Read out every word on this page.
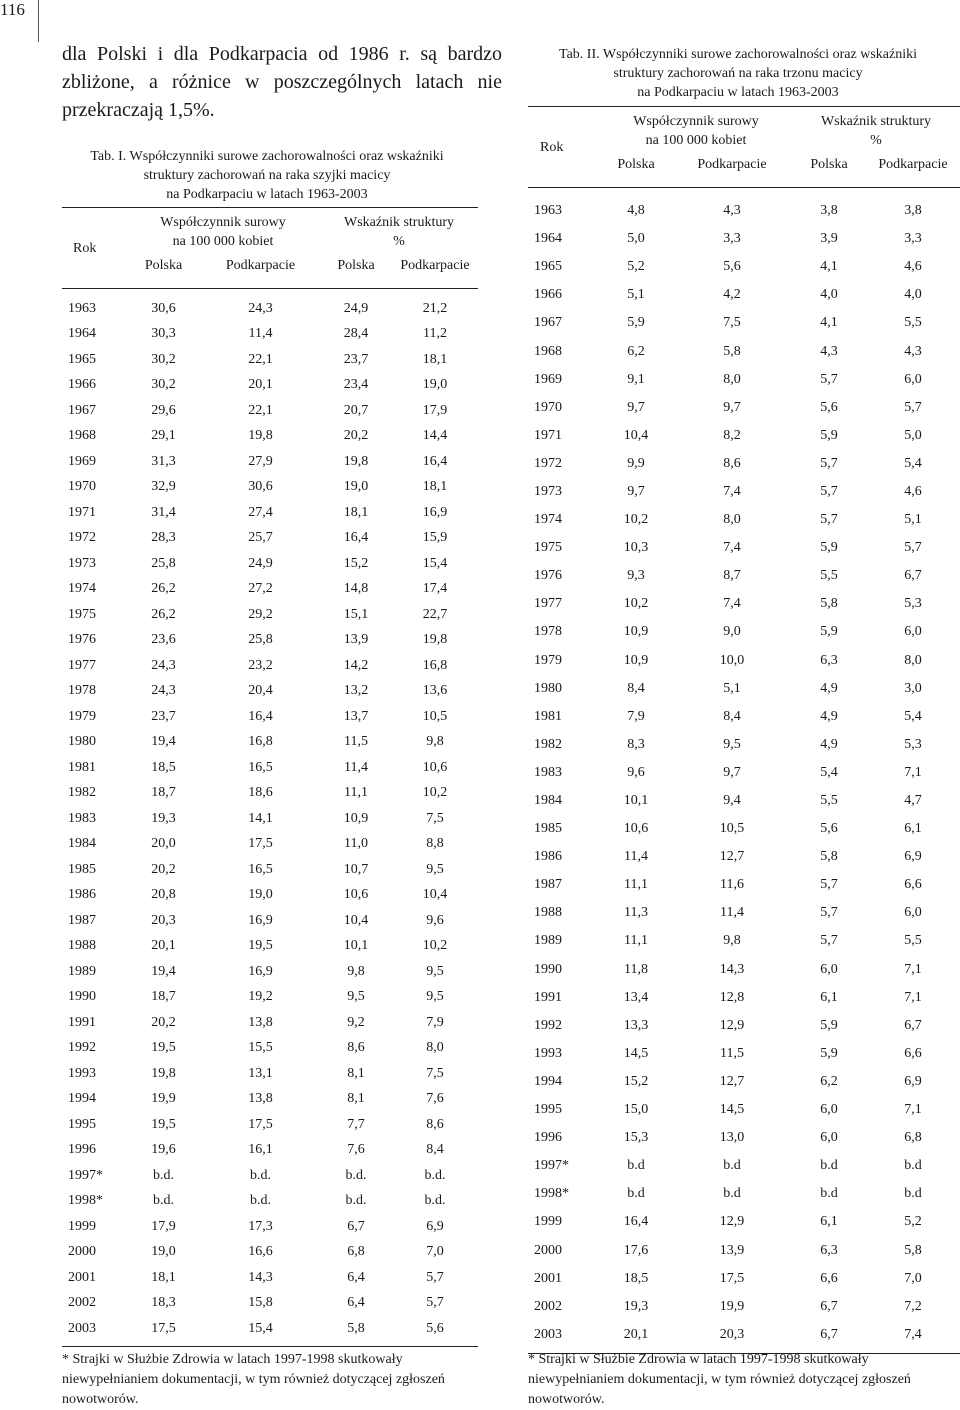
116

dla Polski i dla Podkarpacia od 1986 r. są bardzo zbliżone, a różnice w poszczególnych latach nie przekraczają 1,5%.

Tab. I. Współczynniki surowe zachorowalności oraz wskaźniki
struktury zachorowań na raka szyjki macicy
na Podkarpaciu w latach 1963-2003
Rok	Współczynnik surowy
na 100 000 kobiet		Wskaźnik struktury
%	

	Polska	Podkarpacie	Polska	Podkarpacie
1963	30,6	24,3	24,9	21,2
1964	30,3	11,4	28,4	11,2
1965	30,2	22,1	23,7	18,1
1966	30,2	20,1	23,4	19,0
1967	29,6	22,1	20,7	17,9
1968	29,1	19,8	20,2	14,4
1969	31,3	27,9	19,8	16,4
1970	32,9	30,6	19,0	18,1
1971	31,4	27,4	18,1	16,9
1972	28,3	25,7	16,4	15,9
1973	25,8	24,9	15,2	15,4
1974	26,2	27,2	14,8	17,4
1975	26,2	29,2	15,1	22,7
1976	23,6	25,8	13,9	19,8
1977	24,3	23,2	14,2	16,8
1978	24,3	20,4	13,2	13,6
1979	23,7	16,4	13,7	10,5
1980	19,4	16,8	11,5	9,8
1981	18,5	16,5	11,4	10,6
1982	18,7	18,6	11,1	10,2
1983	19,3	14,1	10,9	7,5
1984	20,0	17,5	11,0	8,8
1985	20,2	16,5	10,7	9,5
1986	20,8	19,0	10,6	10,4
1987	20,3	16,9	10,4	9,6
1988	20,1	19,5	10,1	10,2
1989	19,4	16,9	9,8	9,5
1990	18,7	19,2	9,5	9,5
1991	20,2	13,8	9,2	7,9
1992	19,5	15,5	8,6	8,0
1993	19,8	13,1	8,1	7,5
1994	19,9	13,8	8,1	7,6
1995	19,5	17,5	7,7	8,6
1996	19,6	16,1	7,6	8,4
1997*	b.d.	b.d.	b.d.	b.d.
1998*	b.d.	b.d.	b.d.	b.d.
1999	17,9	17,3	6,7	6,9
2000	19,0	16,6	6,8	7,0
2001	18,1	14,3	6,4	5,7
2002	18,3	15,8	6,4	5,7
2003	17,5	15,4	5,8	5,6
* Strajki w Służbie Zdrowia w latach 1997-1998 skutkowały niewypełnianiem dokumentacji, w tym również dotyczącej zgłoszeń nowotworów.
Tab. II. Współczynniki surowe zachorowalności oraz wskaźniki
struktury zachorowań na raka trzonu macicy
na Podkarpaciu w latach 1963-2003
Rok	Współczynnik surowy
na 100 000 kobiet		Wskaźnik struktury
%	

	Polska	Podkarpacie	Polska	Podkarpacie
1963	4,8	4,3	3,8	3,8
1964	5,0	3,3	3,9	3,3
1965	5,2	5,6	4,1	4,6
1966	5,1	4,2	4,0	4,0
1967	5,9	7,5	4,1	5,5
1968	6,2	5,8	4,3	4,3
1969	9,1	8,0	5,7	6,0
1970	9,7	9,7	5,6	5,7
1971	10,4	8,2	5,9	5,0
1972	9,9	8,6	5,7	5,4
1973	9,7	7,4	5,7	4,6
1974	10,2	8,0	5,7	5,1
1975	10,3	7,4	5,9	5,7
1976	9,3	8,7	5,5	6,7
1977	10,2	7,4	5,8	5,3
1978	10,9	9,0	5,9	6,0
1979	10,9	10,0	6,3	8,0
1980	8,4	5,1	4,9	3,0
1981	7,9	8,4	4,9	5,4
1982	8,3	9,5	4,9	5,3
1983	9,6	9,7	5,4	7,1
1984	10,1	9,4	5,5	4,7
1985	10,6	10,5	5,6	6,1
1986	11,4	12,7	5,8	6,9
1987	11,1	11,6	5,7	6,6
1988	11,3	11,4	5,7	6,0
1989	11,1	9,8	5,7	5,5
1990	11,8	14,3	6,0	7,1
1991	13,4	12,8	6,1	7,1
1992	13,3	12,9	5,9	6,7
1993	14,5	11,5	5,9	6,6
1994	15,2	12,7	6,2	6,9
1995	15,0	14,5	6,0	7,1
1996	15,3	13,0	6,0	6,8
1997*	b.d	b.d	b.d	b.d
1998*	b.d	b.d	b.d	b.d
1999	16,4	12,9	6,1	5,2
2000	17,6	13,9	6,3	5,8
2001	18,5	17,5	6,6	7,0
2002	19,3	19,9	6,7	7,2
2003	20,1	20,3	6,7	7,4
* Strajki w Służbie Zdrowia w latach 1997-1998 skutkowały niewypełnianiem dokumentacji, w tym również dotyczącej zgłoszeń nowotworów.
